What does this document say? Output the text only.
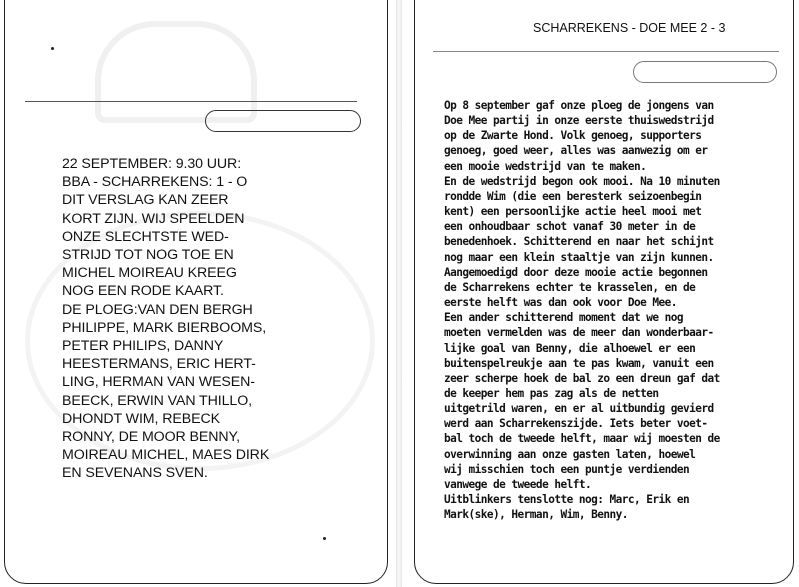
22 SEPTEMBER: 9.30 UUR:
BBA - SCHARREKENS: 1 - O
DIT VERSLAG KAN ZEER
KORT ZIJN. WIJ SPEELDEN
ONZE SLECHTSTE WED-
STRIJD TOT NOG TOE EN
MICHEL MOIREAU KREEG
NOG EEN RODE KAART.
DE PLOEG:VAN DEN BERGH
PHILIPPE, MARK BIERBOOMS,
PETER PHILIPS, DANNY
HEESTERMANS, ERIC HERT-
LING, HERMAN VAN WESEN-
BEECK, ERWIN VAN THILLO,
DHONDT WIM, REBECK
RONNY, DE MOOR BENNY,
MOIREAU MICHEL, MAES DIRK
EN SEVENANS SVEN.
SCHARREKENS - DOE MEE 2 - 3
Op 8 september gaf onze ploeg de jongens van
Doe Mee partij in onze eerste thuiswedstrijd
op de Zwarte Hond. Volk genoeg, supporters
genoeg, goed weer, alles was aanwezig om er
een mooie wedstrijd van te maken.
En de wedstrijd begon ook mooi. Na 10 minuten
rondde Wim (die een beresterk seizoenbegin
kent) een persoonlijke actie heel mooi met
een onhoudbaar schot vanaf 30 meter in de
benedenhoek. Schitterend en naar het schijnt
nog maar een klein staaltje van zijn kunnen.
Aangemoedigd door deze mooie actie begonnen
de Scharrekens echter te krasselen, en de
eerste helft was dan ook voor Doe Mee.
Een ander schitterend moment dat we nog
moeten vermelden was de meer dan wonderbaar-
lijke goal van Benny, die alhoewel er een
buitenspelreukje aan te pas kwam, vanuit een
zeer scherpe hoek de bal zo een dreun gaf dat
de keeper hem pas zag als de netten
uitgetrild waren, en er al uitbundig gevierd
werd aan Scharrekenszijde. Iets beter voet-
bal toch de tweede helft, maar wij moesten de
overwinning aan onze gasten laten, hoewel
wij misschien toch een puntje verdienden
vanwege de tweede helft.
Uitblinkers tenslotte nog: Marc, Erik en
Mark(ske), Herman, Wim, Benny.
